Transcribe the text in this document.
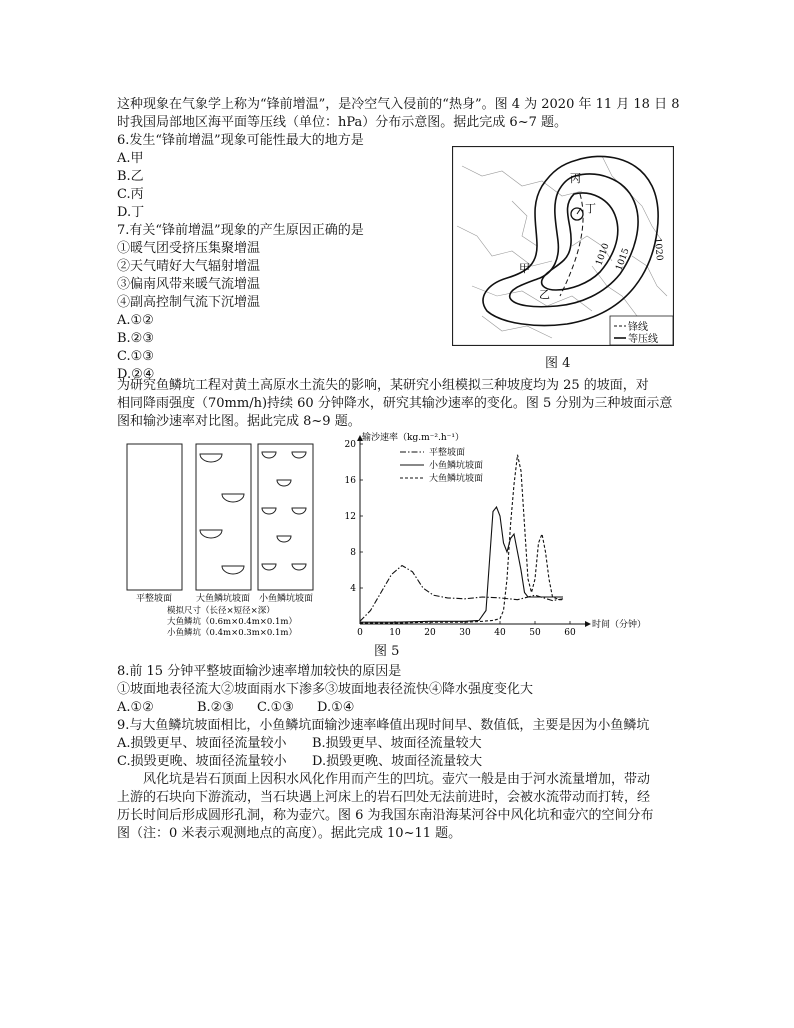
这种现象在气象学上称为“锋前增温”，是冷空气入侵前的“热身”。图 4 为 2020 年 11 月 18 日 8
时我国局部地区海平面等压线（单位：hPa）分布示意图。据此完成 6~7 题。
6.发生“锋前增温”现象可能性最大的地方是
A.甲
B.乙
C.丙
D.丁
7.有关“锋前增温”现象的产生原因正确的是
①暖气团受挤压集聚增温
②天气晴好大气辐射增温
③偏南风带来暖气流增温
④副高控制气流下沉增温
A.①②
B.②③
C.①③
D.②④
丙
丁
甲
乙
1010 1015 1020
锋线
等压线
图 4
为研究鱼鳞坑工程对黄土高原水土流失的影响，某研究小组模拟三种坡度均为 25 的坡面，对
相同降雨强度（70mm/h)持续 60 分钟降水，研究其输沙速率的变化。图 5 分别为三种坡面示意
图和输沙速率对比图。据此完成 8~9 题。
平整坡面	大鱼鳞坑坡面 小鱼鳞坑坡面
模拟尺寸（长径×短径×深）
大鱼鳞坑（0.6m×0.4m×0.1m）
小鱼鳞坑（0.4m×0.3m×0.1m）
输沙速率（kg.m⁻².h⁻¹）
时间（分钟）
0	10	20	30	40	50	60
4
8
12
16
20
平整坡面
小鱼鳞坑坡面
大鱼鳞坑坡面
图 5
8.前 15 分钟平整坡面输沙速率增加较快的原因是
①坡面地表径流大②坡面雨水下渗多③坡面地表径流快④降水强度变化大
A.①②	B.②③ C.①③ D.①④
9.与大鱼鳞坑坡面相比，小鱼鳞坑面输沙速率峰值出现时间早、数值低，主要是因为小鱼鳞坑
A.损毁更早、坡面径流量较小 B.损毁更早、坡面径流量较大
C.损毁更晚、坡面径流量较小 D.损毁更晚、坡面径流量较大
风化坑是岩石顶面上因积水风化作用而产生的凹坑。壶穴一般是由于河水流量增加，带动
上游的石块向下游流动，当石块遇上河床上的岩石凹处无法前进时，会被水流带动而打转，经
历长时间后形成圆形孔洞，称为壶穴。图 6 为我国东南沿海某河谷中风化坑和壶穴的空间分布
图（注：0 米表示观测地点的高度）。据此完成 10~11 题。
